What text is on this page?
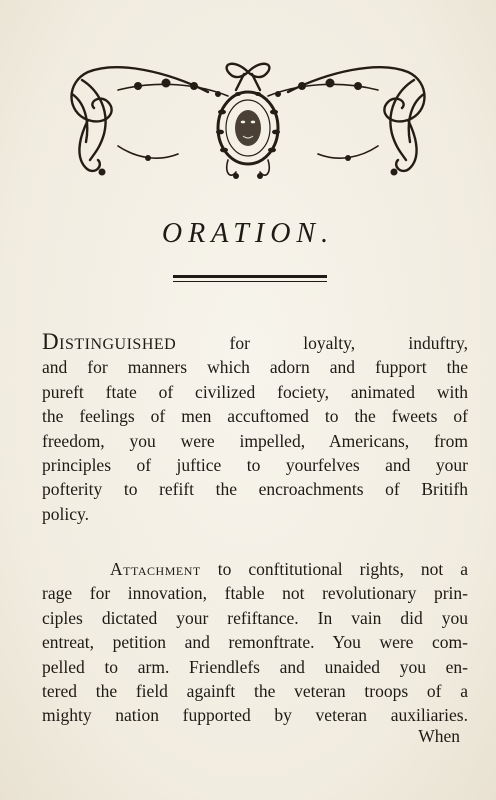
ORATION.
Distinguished	for loyalty, induftry,
and for manners which adorn and fupport the
pureft ftate of civilized fociety, animated with
the feelings of men accuftomed to the fweets of
freedom, you were impelled, Americans, from
principles of juftice to yourfelves and your
pofterity to refift the encroachments of Britifh
policy.
Attachment to conftitutional rights, not a
rage for innovation, ftable not revolutionary prin-
ciples dictated your refiftance. In vain did you
entreat, petition and remonftrate. You were com-
pelled to arm. Friendlefs and unaided you en-
tered the field againft the veteran troops of a
mighty nation fupported by veteran auxiliaries.
When
